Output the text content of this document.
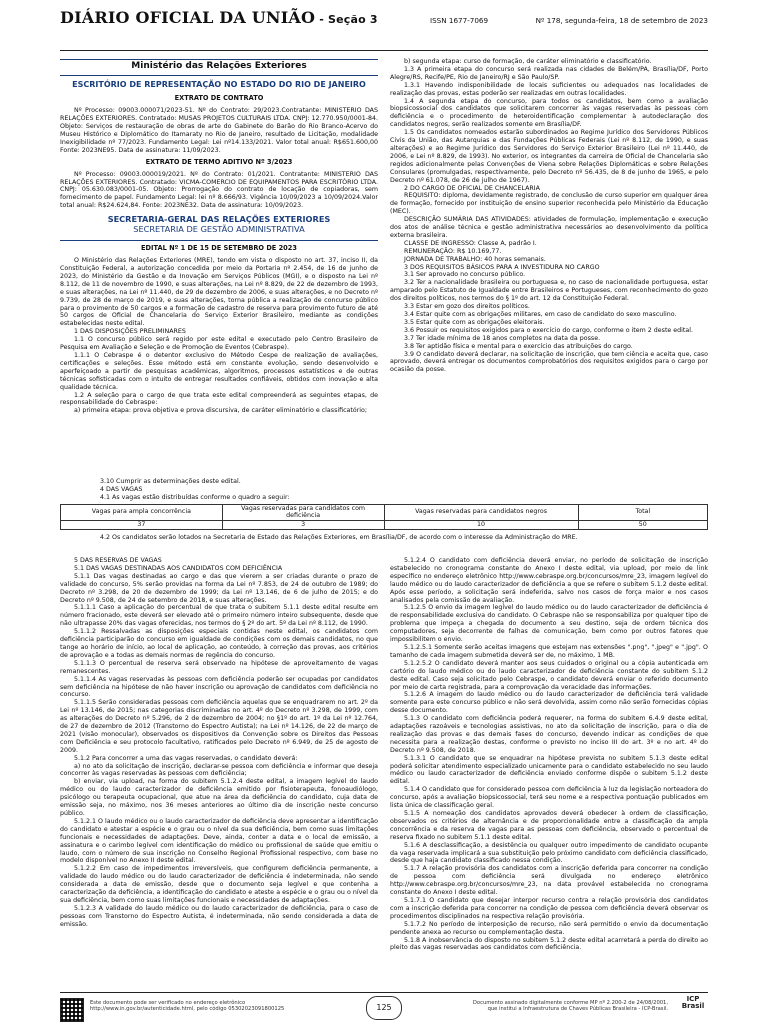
DIÁRIO OFICIAL DA UNIÃO - Seção 3	ISSN 1677-7069	Nº 178, segunda-feira, 18 de setembro de 2023
Ministério das Relações Exteriores
ESCRITÓRIO DE REPRESENTAÇÃO NO ESTADO DO RIO DE JANEIRO
EXTRATO DE CONTRATO

Nº Processo: 09003.000071/2023-51. Nº do Contrato: 29/2023.Contratante: MINISTERIO DAS RELAÇÕES EXTERIORES. Contratado: MUSAS PROJETOS CULTURAIS LTDA. CNPJ: 12.770.950/0001-84. Objeto: Serviços de restauração de obras de arte do Gabinete do Barão do Rio Branco-Acervo do Museu Histórico e Diplomático do Itamaraty no Rio de Janeiro, resultado de Licitação, modalidade Inexigibilidade nº 77/2023. Fundamento Legal: Lei nº14.133/2021. Valor total anual: R$651.600,00 Fonte: 2023NE95. Data de assinatura: 11/09/2023.

EXTRATO DE TERMO ADITIVO Nº 3/2023

Nº Processo: 09003.000019/2021. Nº do Contrato: 01/2021. Contratante: MINISTERIO DAS RELAÇÕES EXTERIORES. Contratado: VICMA-COMERCIO DE EQUIPAMENTOS PARA ESCRITÓRIO LTDA. CNPJ: 05.630.083/0001-05. Objeto: Prorrogação do contrato de locação de copiadoras, sem fornecimento de papel. Fundamento Legal: lei nº 8.666/93. Vigência 10/09/2023 a 10/09/2024.Valor total anual: R$24.624,84. Fonte: 2023NE32. Data de assinatura: 10/09/2023.

SECRETARIA-GERAL DAS RELAÇÕES EXTERIORES
SECRETARIA DE GESTÃO ADMINISTRATIVA
EDITAL Nº 1 DE 15 DE SETEMBRO DE 2023

O Ministério das Relações Exteriores (MRE), tendo em vista o disposto no art. 37, inciso II, da Constituição Federal, a autorização concedida por meio da Portaria nº 2.454, de 16 de junho de 2023, do Ministério da Gestão e da Inovação em Serviços Públicos (MGI), e o disposto na Lei nº 8.112, de 11 de novembro de 1990, e suas alterações, na Lei nº 8.829, de 22 de dezembro de 1993, e suas alterações, na Lei nº 11.440, de 29 de dezembro de 2006, e suas alterações, e no Decreto nº 9.739, de 28 de março de 2019, e suas alterações, torna pública a realização de concurso público para o provimento de 50 cargos e a formação de cadastro de reserva para provimento futuro de até 50 cargos de Oficial de Chancelaria do Serviço Exterior Brasileiro, mediante as condições estabelecidas neste edital.

1 DAS DISPOSIÇÕES PRELIMINARES

1.1 O concurso público será regido por este edital e executado pelo Centro Brasileiro de Pesquisa em Avaliação e Seleção e de Promoção de Eventos (Cebraspe).

1.1.1 O Cebraspe é o detentor exclusivo do Método Cespe de realização de avaliações, certificações e seleções. Esse método está em constante evolução, sendo desenvolvido e aperfeiçoado a partir de pesquisas acadêmicas, algoritmos, processos estatísticos e de outras técnicas sofisticadas com o intuito de entregar resultados confiáveis, obtidos com inovação e alta qualidade técnica.

1.2 A seleção para o cargo de que trata este edital compreenderá as seguintes etapas, de responsabilidade do Cebraspe:

a) primeira etapa: prova objetiva e prova discursiva, de caráter eliminatório e classificatório;

b) segunda etapa: curso de formação, de caráter eliminatório e classificatório.

1.3 A primeira etapa do concurso será realizada nas cidades de Belém/PA, Brasília/DF, Porto Alegre/RS, Recife/PE, Rio de Janeiro/RJ e São Paulo/SP.

1.3.1 Havendo indisponibilidade de locais suficientes ou adequados nas localidades de realização das provas, estas poderão ser realizadas em outras localidades.

1.4 A segunda etapa do concurso, para todos os candidatos, bem como a avaliação biopsicossocial dos candidatos que solicitarem concorrer às vagas reservadas às pessoas com deficiência e o procedimento de heteroidentificação complementar à autodeclaração dos candidatos negros, serão realizados somente em Brasília/DF.

1.5 Os candidatos nomeados estarão subordinados ao Regime Jurídico dos Servidores Públicos Civis da União, das Autarquias e das Fundações Públicas Federais (Lei nº 8.112, de 1990, e suas alterações) e ao Regime Jurídico dos Servidores do Serviço Exterior Brasileiro (Lei nº 11.440, de 2006, e Lei nº 8.829, de 1993). No exterior, os integrantes da carreira de Oficial de Chancelaria são regidos adicionalmente pelas Convenções de Viena sobre Relações Diplomáticas e sobre Relações Consulares (promulgadas, respectivamente, pelo Decreto nº 56.435, de 8 de junho de 1965, e pelo Decreto nº 61.078, de 26 de julho de 1967).

2 DO CARGO DE OFICIAL DE CHANCELARIA

REQUISITO: diploma, devidamente registrado, de conclusão de curso superior em qualquer área de formação, fornecido por instituição de ensino superior reconhecida pelo Ministério da Educação (MEC).

DESCRIÇÃO SUMÁRIA DAS ATIVIDADES: atividades de formulação, implementação e execução dos atos de análise técnica e gestão administrativa necessários ao desenvolvimento da política externa brasileira.

CLASSE DE INGRESSO: Classe A, padrão I.

REMUNERAÇÃO: R$ 10.169,77.

JORNADA DE TRABALHO: 40 horas semanais.

3 DOS REQUISITOS BÁSICOS PARA A INVESTIDURA NO CARGO

3.1 Ser aprovado no concurso público.

3.2 Ter a nacionalidade brasileira ou portuguesa e, no caso de nacionalidade portuguesa, estar amparado pelo Estatuto de Igualdade entre Brasileiros e Portugueses, com reconhecimento do gozo dos direitos políticos, nos termos do § 1º do art. 12 da Constituição Federal.

3.3 Estar em gozo dos direitos políticos.

3.4 Estar quite com as obrigações militares, em caso de candidato do sexo masculino.

3.5 Estar quite com as obrigações eleitorais.

3.6 Possuir os requisitos exigidos para o exercício do cargo, conforme o item 2 deste edital.

3.7 Ter idade mínima de 18 anos completos na data da posse.

3.8 Ter aptidão física e mental para o exercício das atribuições do cargo.

3.9 O candidato deverá declarar, na solicitação de inscrição, que tem ciência e aceita que, caso aprovado, deverá entregar os documentos comprobatórios dos requisitos exigidos para o cargo por ocasião da posse.

3.10 Cumprir as determinações deste edital.
4 DAS VAGAS
4.1 As vagas estão distribuídas conforme o quadro a seguir:
Vagas para ampla concorrência	Vagas reservadas para candidatos com deficiência	Vagas reservadas para candidatos negros	Total
37	3	10	50
4.2 Os candidatos serão lotados na Secretaria de Estado das Relações Exteriores, em Brasília/DF, de acordo com o interesse da Administração do MRE.

5 DAS RESERVAS DE VAGAS

5.1 DAS VAGAS DESTINADAS AOS CANDIDATOS COM DEFICIÊNCIA

5.1.1 Das vagas destinadas ao cargo e das que vierem a ser criadas durante o prazo de validade do concurso, 5% serão providas na forma da Lei nº 7.853, de 24 de outubro de 1989; do Decreto nº 3.298, de 20 de dezembro de 1999; da Lei nº 13.146, de 6 de julho de 2015; e do Decreto nº 9.508, de 24 de setembro de 2018, e suas alterações.

5.1.1.1 Caso a aplicação do percentual de que trata o subitem 5.1.1 deste edital resulte em número fracionado, este deverá ser elevado até o primeiro número inteiro subsequente, desde que não ultrapasse 20% das vagas oferecidas, nos termos do § 2º do art. 5º da Lei nº 8.112, de 1990.

5.1.1.2 Ressalvadas as disposições especiais contidas neste edital, os candidatos com deficiência participarão do concurso em igualdade de condições com os demais candidatos, no que tange ao horário de início, ao local de aplicação, ao conteúdo, à correção das provas, aos critérios de aprovação e a todas as demais normas de regência do concurso.

5.1.1.3 O percentual de reserva será observado na hipótese de aproveitamento de vagas remanescentes.

5.1.1.4 As vagas reservadas às pessoas com deficiência poderão ser ocupadas por candidatos sem deficiência na hipótese de não haver inscrição ou aprovação de candidatos com deficiência no concurso.

5.1.1.5 Serão consideradas pessoas com deficiência aquelas que se enquadrarem no art. 2º da Lei nº 13.146, de 2015; nas categorias discriminadas no art. 4º do Decreto nº 3.298, de 1999, com as alterações do Decreto nº 5.296, de 2 de dezembro de 2004; no §1º do art. 1º da Lei nº 12.764, de 27 de dezembro de 2012 (Transtorno do Espectro Autista); na Lei nº 14.126, de 22 de março de 2021 (visão monocular), observados os dispositivos da Convenção sobre os Direitos das Pessoas com Deficiência e seu protocolo facultativo, ratificados pelo Decreto nº 6.949, de 25 de agosto de 2009.

5.1.2 Para concorrer a uma das vagas reservadas, o candidato deverá:

a) no ato da solicitação de inscrição, declarar-se pessoa com deficiência e informar que deseja concorrer às vagas reservadas às pessoas com deficiência;

b) enviar, via upload, na forma do subitem 5.1.2.4 deste edital, a imagem legível do laudo médico ou do laudo caracterizador de deficiência emitido por fisioterapeuta, fonoaudiólogo, psicólogo ou terapeuta ocupacional, que atue na área da deficiência do candidato, cuja data de emissão seja, no máximo, nos 36 meses anteriores ao último dia de inscrição neste concurso público.

5.1.2.1 O laudo médico ou o laudo caracterizador de deficiência deve apresentar a identificação do candidato e atestar a espécie e o grau ou o nível da sua deficiência, bem como suas limitações funcionais e necessidades de adaptações. Deve, ainda, conter a data e o local de emissão, a assinatura e o carimbo legível com identificação do médico ou profissional de saúde que emitiu o laudo, com o número de sua inscrição no Conselho Regional Profissional respectivo, com base no modelo disponível no Anexo II deste edital.

5.1.2.2 Em caso de impedimentos irreversíveis, que configurem deficiência permanente, a validade do laudo médico ou do laudo caracterizador de deficiência é indeterminada, não sendo considerada a data de emissão, desde que o documento seja legível e que contenha a caracterização da deficiência, a identificação do candidato e ateste a espécie e o grau ou o nível da sua deficiência, bem como suas limitações funcionais e necessidades de adaptações.

5.1.2.3 A validade do laudo médico ou do laudo caracterizador de deficiência, para o caso de pessoas com Transtorno do Espectro Autista, é indeterminada, não sendo considerada a data de emissão.

5.1.2.4 O candidato com deficiência deverá enviar, no período de solicitação de inscrição estabelecido no cronograma constante do Anexo I deste edital, via upload, por meio de link específico no endereço eletrônico http://www.cebraspe.org.br/concursos/mre_23, imagem legível do laudo médico ou do laudo caracterizador de deficiência a que se refere o subitem 5.1.2 deste edital. Após esse período, a solicitação será indeferida, salvo nos casos de força maior e nos casos analisados pela comissão de avaliação.

5.1.2.5 O envio da imagem legível do laudo médico ou do laudo caracterizador de deficiência é de responsabilidade exclusiva do candidato. O Cebraspe não se responsabiliza por qualquer tipo de problema que impeça a chegada do documento a seu destino, seja de ordem técnica dos computadores, seja decorrente de falhas de comunicação, bem como por outros fatores que impossibilitem o envio.

5.1.2.5.1 Somente serão aceitas imagens que estejam nas extensões ".png", ".jpeg" e ".jpg". O tamanho de cada imagem submetida deverá ser de, no máximo, 1 MB.

5.1.2.5.2 O candidato deverá manter aos seus cuidados o original ou a cópia autenticada em cartório do laudo médico ou do laudo caracterizador de deficiência constante do subitem 5.1.2 deste edital. Caso seja solicitado pelo Cebraspe, o candidato deverá enviar o referido documento por meio de carta registrada, para a comprovação da veracidade das informações.

5.1.2.6 A imagem do laudo médico ou do laudo caracterizador de deficiência terá validade somente para este concurso público e não será devolvida, assim como não serão fornecidas cópias desse documento.

5.1.3 O candidato com deficiência poderá requerer, na forma do subitem 6.4.9 deste edital, adaptações razoáveis e tecnologias assistivas, no ato da solicitação de inscrição, para o dia de realização das provas e das demais fases do concurso, devendo indicar as condições de que necessita para a realização destas, conforme o previsto no inciso III do art. 3º e no art. 4º do Decreto nº 9.508, de 2018.

5.1.3.1 O candidato que se enquadrar na hipótese prevista no subitem 5.1.3 deste edital poderá solicitar atendimento especializado unicamente para o candidato estabelecido no seu laudo médico ou laudo caracterizador de deficiência enviado conforme dispõe o subitem 5.1.2 deste edital.

5.1.4 O candidato que for considerado pessoa com deficiência à luz da legislação norteadora do concurso, após a avaliação biopsicossocial, terá seu nome e a respectiva pontuação publicados em lista única de classificação geral.

5.1.5 A nomeação dos candidatos aprovados deverá obedecer à ordem de classificação, observados os critérios de alternância e de proporcionalidade entre a classificação da ampla concorrência e da reserva de vagas para as pessoas com deficiência, observado o percentual de reserva fixado no subitem 5.1.1 deste edital.

5.1.6 A desclassificação, a desistência ou qualquer outro impedimento de candidato ocupante da vaga reservada implicará a sua substituição pelo próximo candidato com deficiência classificado, desde que haja candidato classificado nessa condição.

5.1.7 A relação provisória dos candidatos com a inscrição deferida para concorrer na condição de pessoa com deficiência será divulgada no endereço eletrônico http://www.cebraspe.org.br/concursos/mre_23, na data provável estabelecida no cronograma constante do Anexo I deste edital.

5.1.7.1 O candidato que desejar interpor recurso contra a relação provisória dos candidatos com a inscrição deferida para concorrer na condição de pessoa com deficiência deverá observar os procedimentos disciplinados na respectiva relação provisória.

5.1.7.2 No período de interposição de recurso, não será permitido o envio da documentação pendente anexa ao recurso ou complementação desta.

5.1.8 A inobservância do disposto no subitem 5.1.2 deste edital acarretará a perda do direito ao pleito das vagas reservadas aos candidatos com deficiência.

Este documento pode ser verificado no endereço eletrônico
http://www.in.gov.br/autenticidade.html, pelo código 05302023091800125	125	Documento assinado digitalmente conforme MP nº 2.200-2 de 24/08/2001,
que institui a Infraestrutura de Chaves Públicas Brasileira - ICP-Brasil.
ICP Brasil
